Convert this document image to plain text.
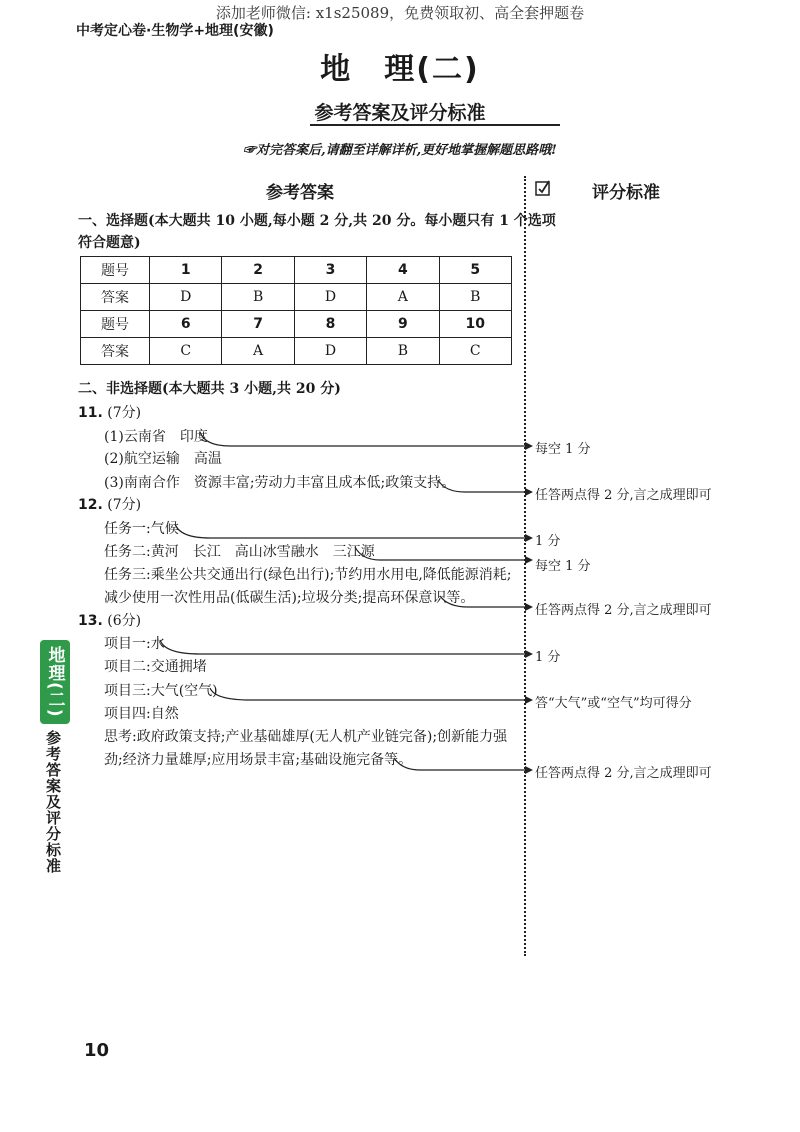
添加老师微信: x1s25089，免费领取初、高全套押题卷
中考定心卷·生物学+地理(安徽)
地　理(二)
参考答案及评分标准
☞对完答案后,请翻至详解详析,更好地掌握解题思路哦!
参考答案	评分标准
一、选择题(本大题共 10 小题,每小题 2 分,共 20 分。每小题只有 1 个选项
符合题意)
题号	1	2	3	4	5
答案	D	B	D	A	B
题号	6	7	8	9	10
答案	C	A	D	B	C
二、非选择题(本大题共 3 小题,共 20 分)
11. (7分)
(1)云南省　印度
(2)航空运输　高温
(3)南南合作　资源丰富;劳动力丰富且成本低;政策支持。
12. (7分)
任务一:气候
任务二:黄河　长江　高山冰雪融水　三江源
任务三:乘坐公共交通出行(绿色出行);节约用水用电,降低能源消耗;
减少使用一次性用品(低碳生活);垃圾分类;提高环保意识等。
13. (6分)
项目一:水
项目二:交通拥堵
项目三:大气(空气)
项目四:自然
思考:政府政策支持;产业基础雄厚(无人机产业链完备);创新能力强
劲;经济力量雄厚;应用场景丰富;基础设施完备等。
每空 1 分
任答两点得 2 分,言之成理即可
1 分
每空 1 分
任答两点得 2 分,言之成理即可
1 分
答“大气”或“空气”均可得分
任答两点得 2 分,言之成理即可
地理(二)
参考答案及评分标准
10
